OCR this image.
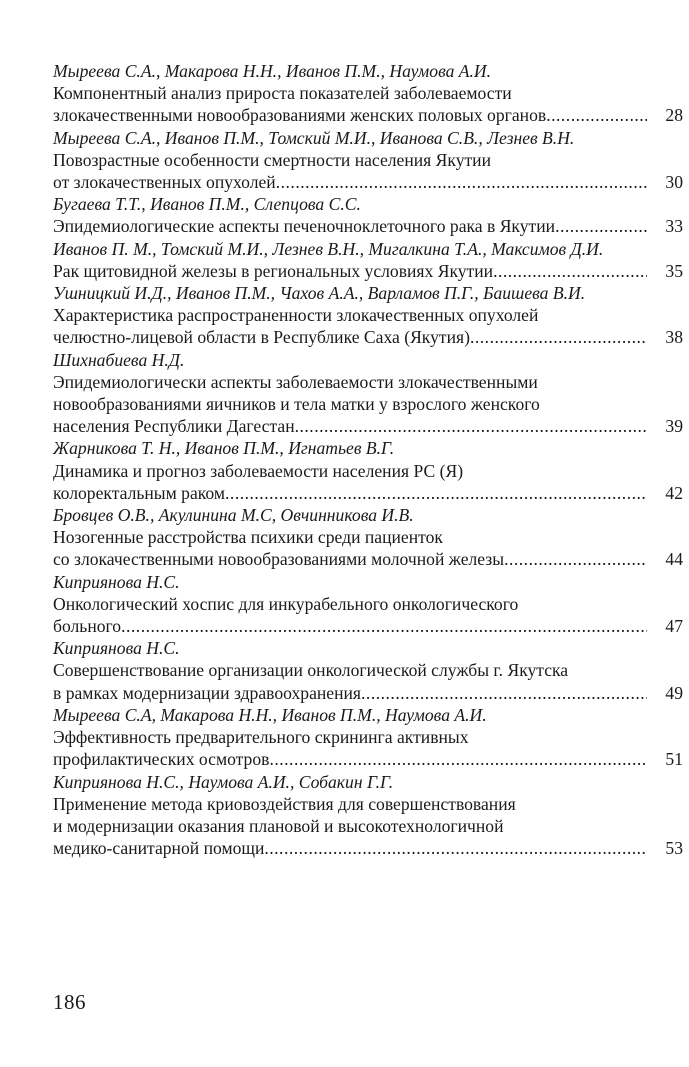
Мыреева С.А., Макарова Н.Н., Иванов П.М., Наумова А.И.
Компонентный анализ прироста показателей заболеваемости
злокачественными новообразованиями женских половых органов .....	28
Мыреева С.А., Иванов П.М., Томский М.И., Иванова С.В., Лезнев В.Н.
Повозрастные особенности смертности населения Якутии
от злокачественных опухолей .....	30
Бугаева Т.Т., Иванов П.М., Слепцова С.С.
Эпидемиологические аспекты печеночноклеточного рака в Якутии .....	33
Иванов П. М., Томский М.И., Лезнев В.Н., Мигалкина Т.А., Максимов Д.И.
Рак щитовидной железы в региональных условиях Якутии .....	35
Ушницкий И.Д., Иванов П.М., Чахов А.А., Варламов П.Г., Баишева В.И.
Характеристика распространенности злокачественных опухолей
челюстно-лицевой области в Республике Саха (Якутия) .....	38
Шихнабиева Н.Д.
Эпидемиологически аспекты заболеваемости злокачественными
новообразованиями яичников и тела матки у взрослого женского
населения Республики Дагестан .....	39
Жарникова Т. Н., Иванов П.М., Игнатьев В.Г.
Динамика и прогноз заболеваемости населения РС (Я)
колоректальным раком .....	42
Бровцев О.В., Акулинина М.С, Овчинникова И.В.
Нозогенные расстройства психики среди пациенток
со злокачественными новообразованиями молочной железы .....	44
Киприянова Н.С.
Онкологический хоспис для инкурабельного онкологического
больного .....	47
Киприянова Н.С.
Совершенствование организации онкологической службы г. Якутска
в рамках модернизации здравоохранения .....	49
Мыреева С.А, Макарова Н.Н., Иванов П.М., Наумова А.И.
Эффективность предварительного скрининга активных
профилактических осмотров .....	51
Киприянова Н.С., Наумова А.И., Собакин Г.Г.
Применение метода криовоздействия для совершенствования
и модернизации оказания плановой и высокотехнологичной
медико-санитарной помощи .....	53
186
